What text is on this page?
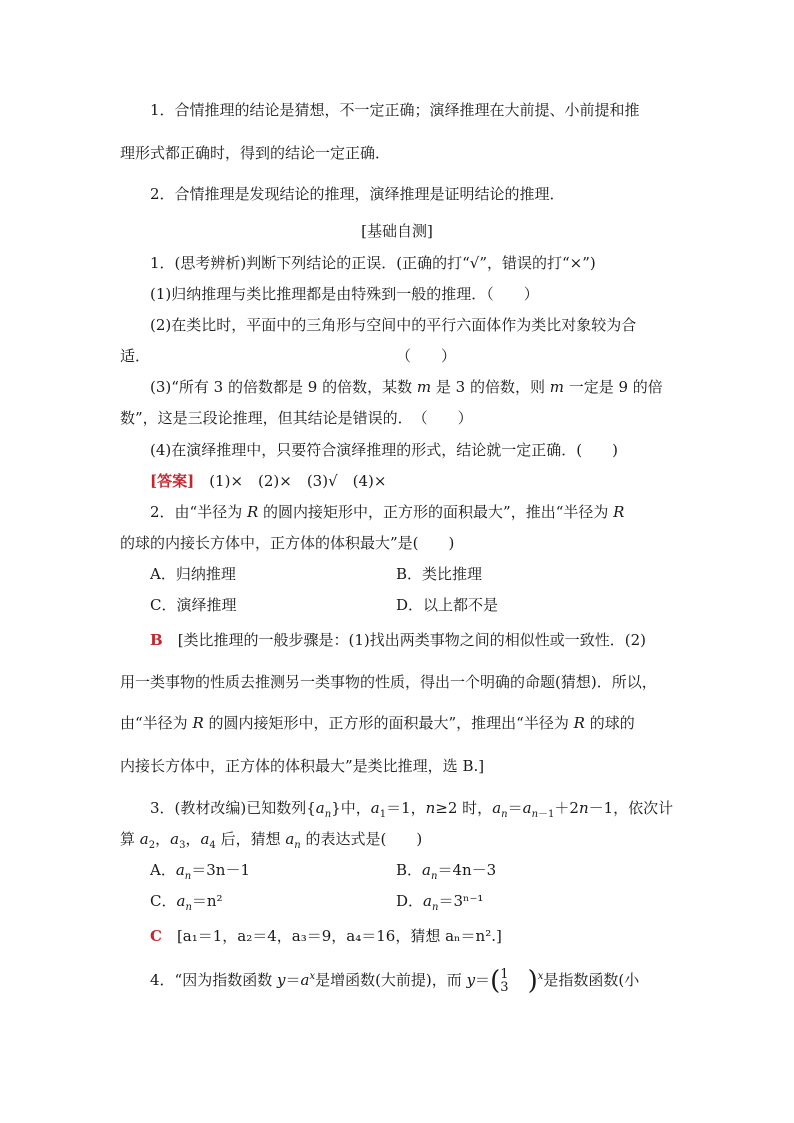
1．合情推理的结论是猜想，不一定正确；演绎推理在大前提、小前提和推
理形式都正确时，得到的结论一定正确．
2．合情推理是发现结论的推理，演绎推理是证明结论的推理．
[基础自测]
1．(思考辨析)判断下列结论的正误．(正确的打“√”，错误的打“×”)
(1)归纳推理与类比推理都是由特殊到一般的推理．（　　）
(2)在类比时，平面中的三角形与空间中的平行六面体作为类比对象较为合
适．	（　　）
(3)“所有 3 的倍数都是 9 的倍数，某数 m 是 3 的倍数，则 m 一定是 9 的倍
数”，这是三段论推理，但其结论是错误的．　（　　）
(4)在演绎推理中，只要符合演绎推理的形式，结论就一定正确．(　　)
[答案]　(1)×　(2)×　(3)√　(4)×
2．由“半径为 R 的圆内接矩形中，正方形的面积最大”，推出“半径为 R
的球的内接长方体中，正方体的体积最大”是(　　)
A．归纳推理	B．类比推理
C．演绎推理	D．以上都不是
B　[类比推理的一般步骤是：(1)找出两类事物之间的相似性或一致性．(2)
用一类事物的性质去推测另一类事物的性质，得出一个明确的命题(猜想)．所以，
由“半径为 R 的圆内接矩形中，正方形的面积最大”，推理出“半径为 R 的球的
内接长方体中，正方体的体积最大”是类比推理，选 B.]
3．(教材改编)已知数列$\{a_n\}$中，$a_1=1$，n≥2 时，$a_n=a_{n-1}+2n-1$，依次计
算 $a_2$，$a_3$，$a_4$ 后，猜想 $a_n$ 的表达式是(　　)
A．$a_n=3n-1$	B．$a_n=4n-3$
C．$a_n=n^2$	D．$a_n=3^{n-1}$
C　[a₁＝1，a₂＝4，a₃＝9，a₄＝16，猜想 aₙ＝n².]
4．“因为指数函数 $y=a^x$是增函数(大前提)，而 y＝( 1
3 )$^x$是指数函数(小
